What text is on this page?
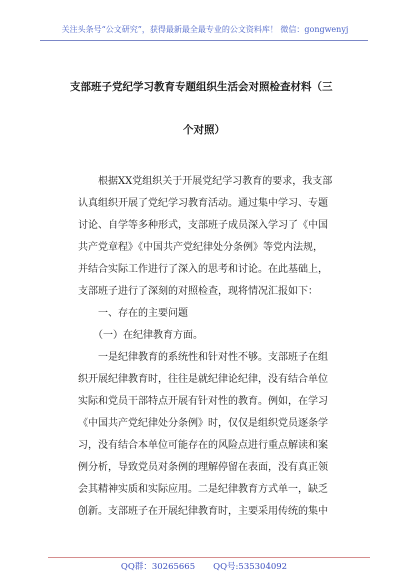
关注头条号“公文研究”，获得最新最全最专业的公文资料库！ 微信：gongwenyj
支部班子党纪学习教育专题组织生活会对照检查材料（三
个对照）
　　根据XX党组织关于开展党纪学习教育的要求，我支部
认真组织开展了党纪学习教育活动。通过集中学习、专题
讨论、自学等多种形式，支部班子成员深入学习了《中国
共产党章程》《中国共产党纪律处分条例》等党内法规，
并结合实际工作进行了深入的思考和讨论。在此基础上，
支部班子进行了深刻的对照检查，现将情况汇报如下：
　　一、存在的主要问题
　　（一）在纪律教育方面。
　　一是纪律教育的系统性和针对性不够。支部班子在组
织开展纪律教育时，往往是就纪律论纪律，没有结合单位
实际和党员干部特点开展有针对性的教育。例如，在学习
《中国共产党纪律处分条例》时，仅仅是组织党员逐条学
习，没有结合本单位可能存在的风险点进行重点解读和案
例分析，导致党员对条例的理解停留在表面，没有真正领
会其精神实质和实际应用。二是纪律教育方式单一，缺乏
创新。支部班子在开展纪律教育时，主要采用传统的集中
QQ群：30265665 QQ号:535304092
